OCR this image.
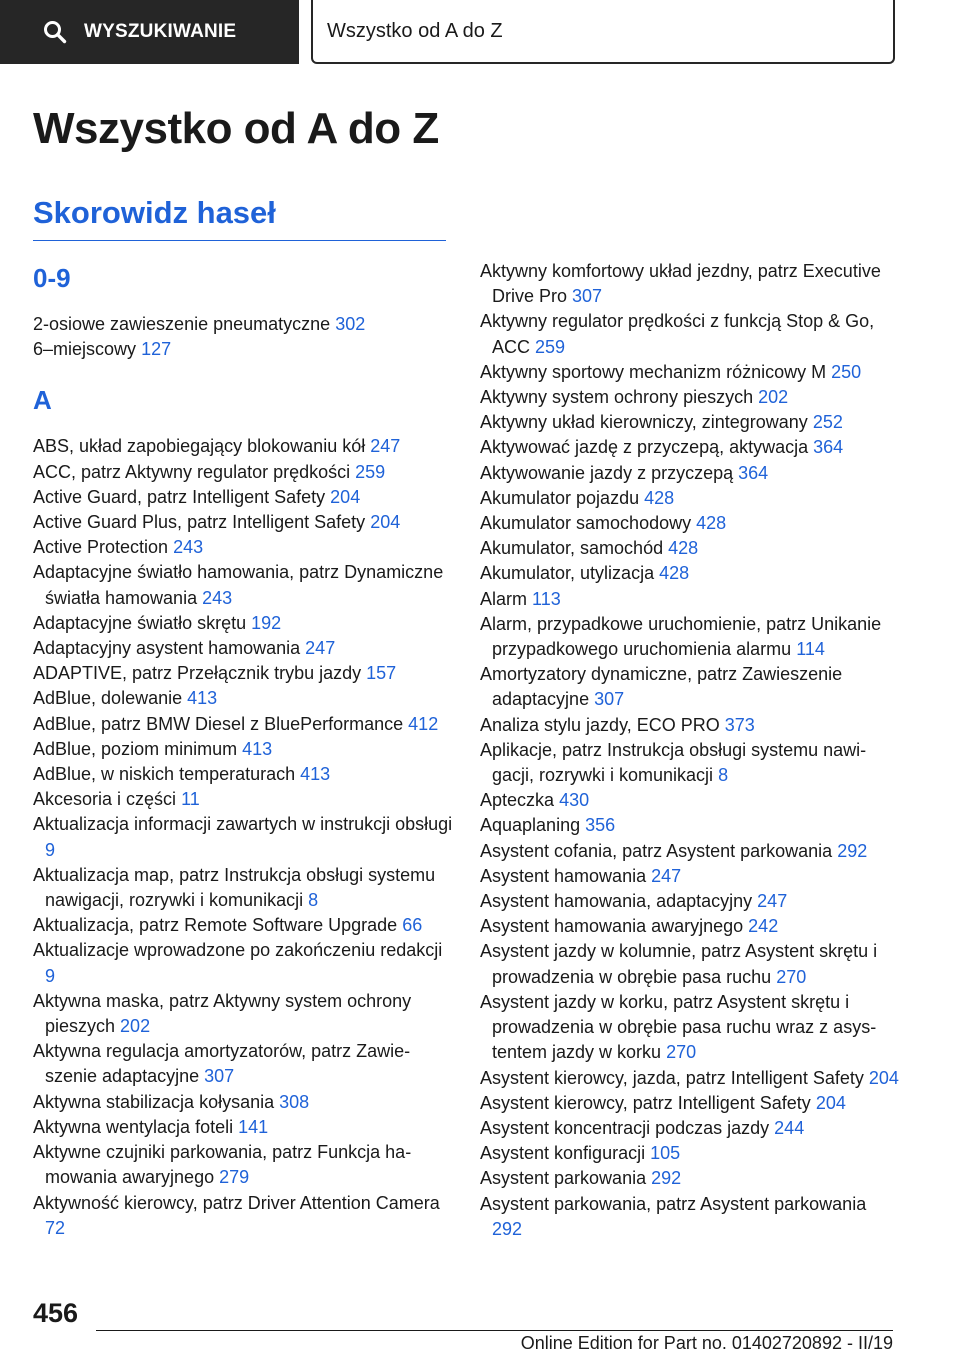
WYSZUKIWANIE	Wszystko od A do Z
Wszystko od A do Z
Skorowidz haseł
0-9

2-osiowe zawieszenie pneumatyczne 302

6–miejscowy 127

A

ABS, układ zapobiegający blokowaniu kół 247

ACC, patrz Aktywny regulator prędkości 259

Active Guard, patrz Intelligent Safety 204

Active Guard Plus, patrz Intelligent Safety 204

Active Protection 243

Adaptacyjne światło hamowania, patrz Dynamiczne światła hamowania 243

Adaptacyjne światło skrętu 192

Adaptacyjny asystent hamowania 247

ADAPTIVE, patrz Przełącznik trybu jazdy 157

AdBlue, dolewanie 413

AdBlue, patrz BMW Diesel z BluePerformance 412

AdBlue, poziom minimum 413

AdBlue, w niskich temperaturach 413

Akcesoria i części 11

Aktualizacja informacji zawartych w instrukcji obsługi 9

Aktualizacja map, patrz Instrukcja obsługi systemu nawigacji, rozrywki i komunikacji 8

Aktualizacja, patrz Remote Software Upgrade 66

Aktualizacje wprowadzone po zakończeniu redakcji 9

Aktywna maska, patrz Aktywny system ochrony pieszych 202

Aktywna regulacja amortyzatorów, patrz Zawieszenie adaptacyjne 307

Aktywna stabilizacja kołysania 308

Aktywna wentylacja foteli 141

Aktywne czujniki parkowania, patrz Funkcja hamowania awaryjnego 279

Aktywność kierowcy, patrz Driver Attention Camera 72

Aktywny komfortowy układ jezdny, patrz Executive Drive Pro 307

Aktywny regulator prędkości z funkcją Stop & Go, ACC 259

Aktywny sportowy mechanizm różnicowy M 250

Aktywny system ochrony pieszych 202

Aktywny układ kierowniczy, zintegrowany 252

Aktywować jazdę z przyczepą, aktywacja 364

Aktywowanie jazdy z przyczepą 364

Akumulator pojazdu 428

Akumulator samochodowy 428

Akumulator, samochód 428

Akumulator, utylizacja 428

Alarm 113

Alarm, przypadkowe uruchomienie, patrz Unikanie przypadkowego uruchomienia alarmu 114

Amortyzatory dynamiczne, patrz Zawieszenie adaptacyjne 307

Analiza stylu jazdy, ECO PRO 373

Aplikacje, patrz Instrukcja obsługi systemu nawigacji, rozrywki i komunikacji 8

Apteczka 430

Aquaplaning 356

Asystent cofania, patrz Asystent parkowania 292

Asystent hamowania 247

Asystent hamowania, adaptacyjny 247

Asystent hamowania awaryjnego 242

Asystent jazdy w kolumnie, patrz Asystent skrętu i prowadzenia w obrębie pasa ruchu 270

Asystent jazdy w korku, patrz Asystent skrętu i prowadzenia w obrębie pasa ruchu wraz z asystentem jazdy w korku 270

Asystent kierowcy, jazda, patrz Intelligent Safety 204

Asystent kierowcy, patrz Intelligent Safety 204

Asystent koncentracji podczas jazdy 244

Asystent konfiguracji 105

Asystent parkowania 292

Asystent parkowania, patrz Asystent parkowania 292

456
Online Edition for Part no. 01402720892 - II/19
